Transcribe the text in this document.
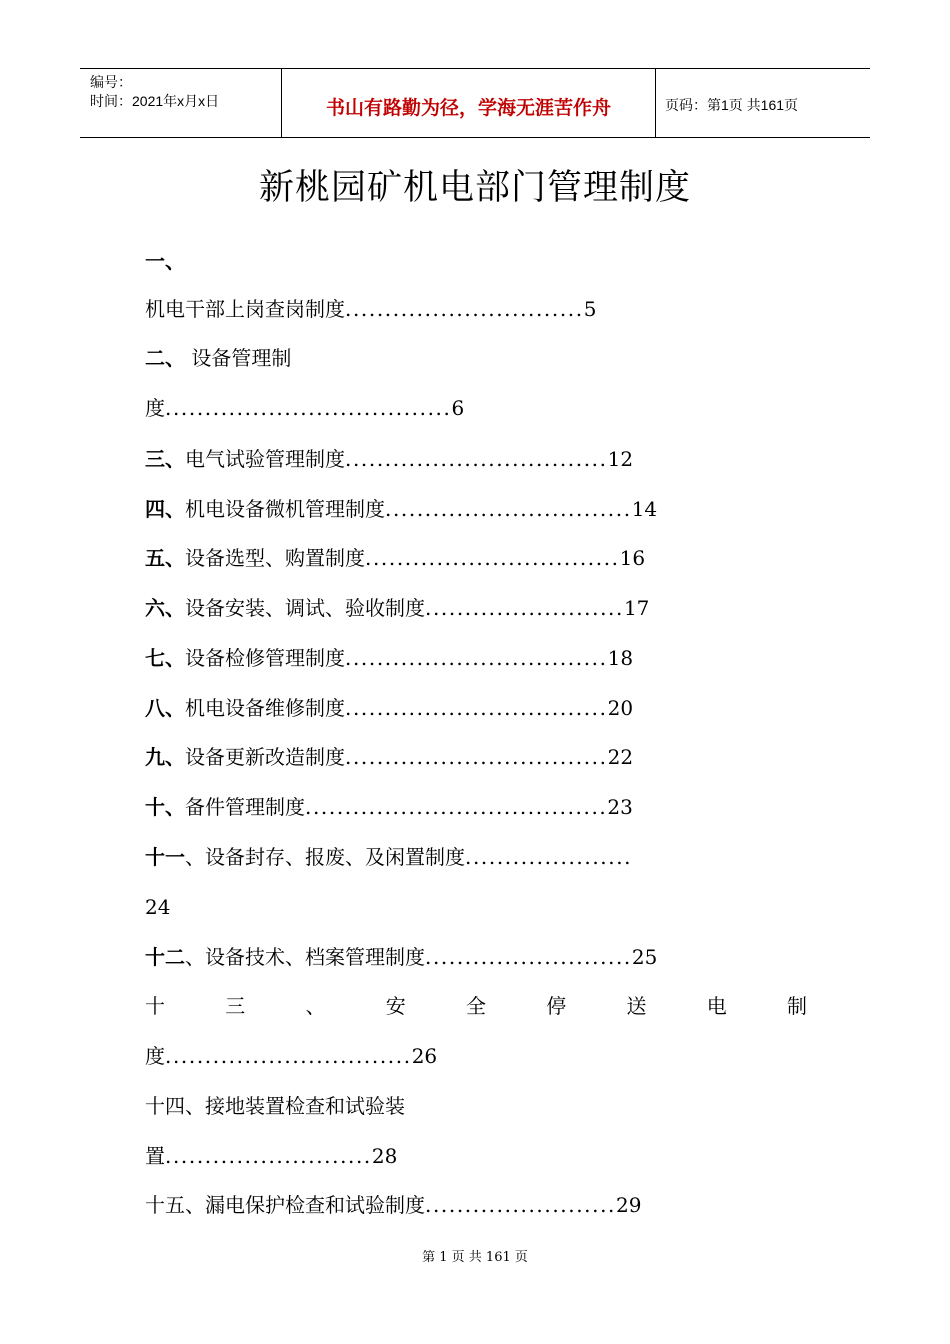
编号：
时间：2021年x月x日	书山有路勤为径，学海无涯苦作舟	页码：第1页 共161页
新桃园矿机电部门管理制度
一、
机电干部上岗查岗制度..............................5
二、 设备管理制
度....................................6
三、电气试验管理制度.................................12
四、机电设备微机管理制度...............................14
五、设备选型、购置制度................................16
六、设备安装、调试、验收制度.........................17
七、设备检修管理制度.................................18
八、机电设备维修制度.................................20
九、设备更新改造制度.................................22
十、备件管理制度......................................23
十一、设备封存、报废、及闲置制度.....................
24
十二、设备技术、档案管理制度..........................25
十	三	、	安	全	停	送	电	制
度...............................26
十四、接地装置检查和试验装
置..........................28
十五、漏电保护检查和试验制度........................29
第 1 页 共 161 页
